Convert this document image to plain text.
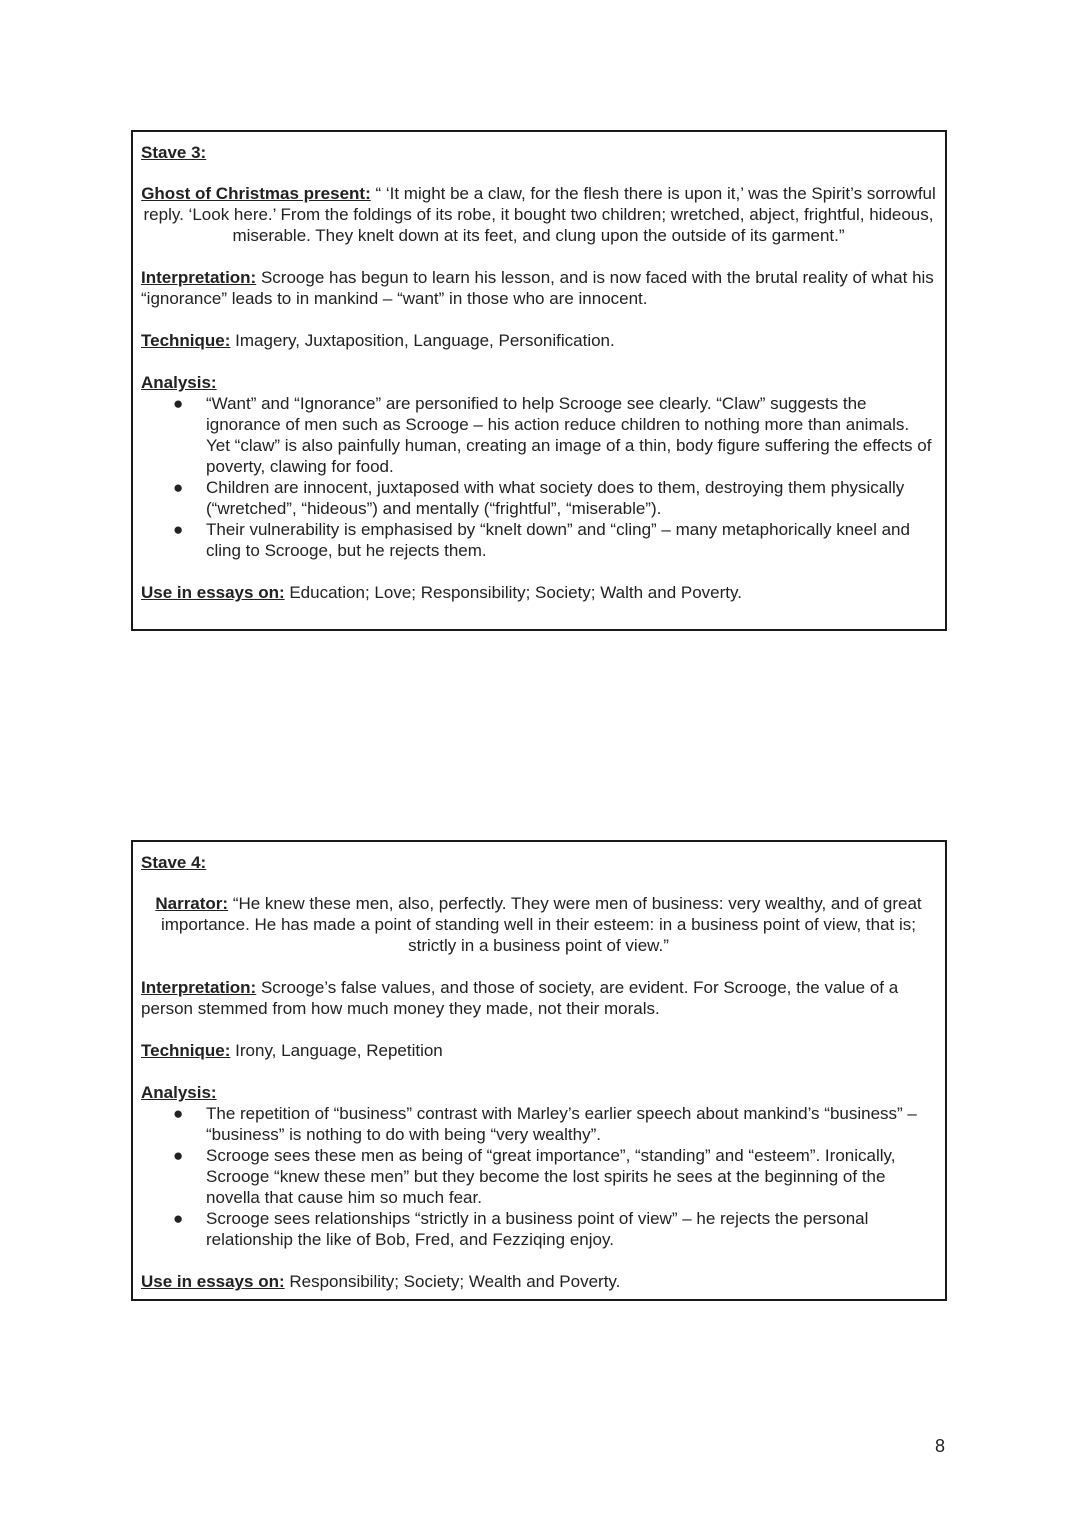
Stave 3:

Ghost of Christmas present: “ ‘It might be a claw, for the flesh there is upon it,’ was the Spirit’s sorrowful reply. ‘Look here.’ From the foldings of its robe, it bought two children; wretched, abject, frightful, hideous, miserable. They knelt down at its feet, and clung upon the outside of its garment.”

Interpretation: Scrooge has begun to learn his lesson, and is now faced with the brutal reality of what his “ignorance” leads to in mankind – “want” in those who are innocent.

Technique: Imagery, Juxtaposition, Language, Personification.

Analysis:

● “Want” and “Ignorance” are personified to help Scrooge see clearly. “Claw” suggests the ignorance of men such as Scrooge – his action reduce children to nothing more than animals. Yet “claw” is also painfully human, creating an image of a thin, body figure suffering the effects of poverty, clawing for food.
● Children are innocent, juxtaposed with what society does to them, destroying them physically (“wretched”, “hideous”) and mentally (“frightful”, “miserable”).
● Their vulnerability is emphasised by “knelt down” and “cling” – many metaphorically kneel and cling to Scrooge, but he rejects them.

Use in essays on: Education; Love; Responsibility; Society; Walth and Poverty.

Stave 4:

Narrator: “He knew these men, also, perfectly. They were men of business: very wealthy, and of great importance. He has made a point of standing well in their esteem: in a business point of view, that is; strictly in a business point of view.”

Interpretation: Scrooge’s false values, and those of society, are evident. For Scrooge, the value of a person stemmed from how much money they made, not their morals.

Technique: Irony, Language, Repetition

Analysis:

● The repetition of “business” contrast with Marley’s earlier speech about mankind’s “business” – “business” is nothing to do with being “very wealthy”.
● Scrooge sees these men as being of “great importance”, “standing” and “esteem”. Ironically, Scrooge “knew these men” but they become the lost spirits he sees at the beginning of the novella that cause him so much fear.
● Scrooge sees relationships “strictly in a business point of view” – he rejects the personal relationship the like of Bob, Fred, and Fezziqing enjoy.

Use in essays on: Responsibility; Society; Wealth and Poverty.

8
